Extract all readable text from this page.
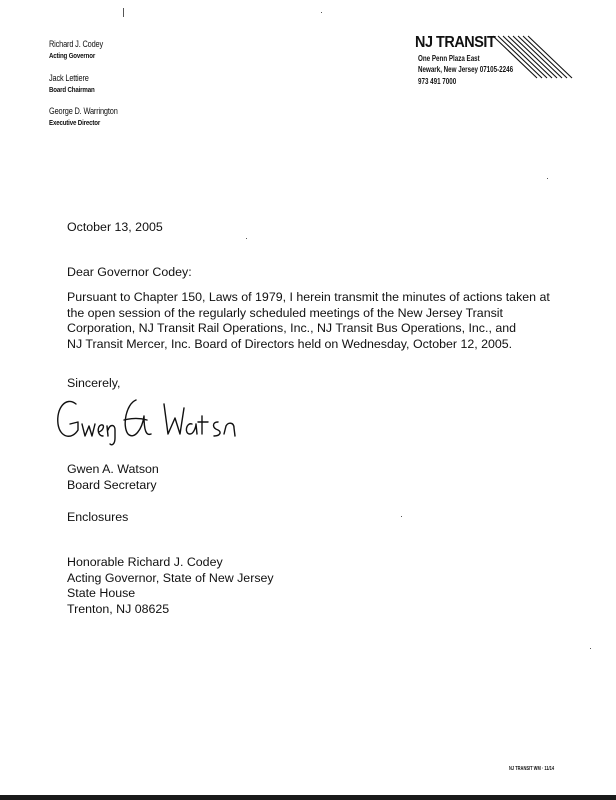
Richard J. Codey
Acting Governor
Jack Lettiere
Board Chairman
George D. Warrington
Executive Director
NJ TRANSIT
One Penn Plaza East
Newark, New Jersey 07105-2246
973 491 7000
October 13, 2005
Dear Governor Codey:
Pursuant to Chapter 150, Laws of 1979, I herein transmit the minutes of actions taken at
the open session of the regularly scheduled meetings of the New Jersey Transit
Corporation, NJ Transit Rail Operations, Inc., NJ Transit Bus Operations, Inc., and
NJ Transit Mercer, Inc. Board of Directors held on Wednesday, October 12, 2005.
Sincerely,
Gwen A. Watson
Board Secretary
Enclosures
Honorable Richard J. Codey
Acting Governor, State of New Jersey
State House
Trenton, NJ 08625
NJ TRANSIT WM · 11/14
